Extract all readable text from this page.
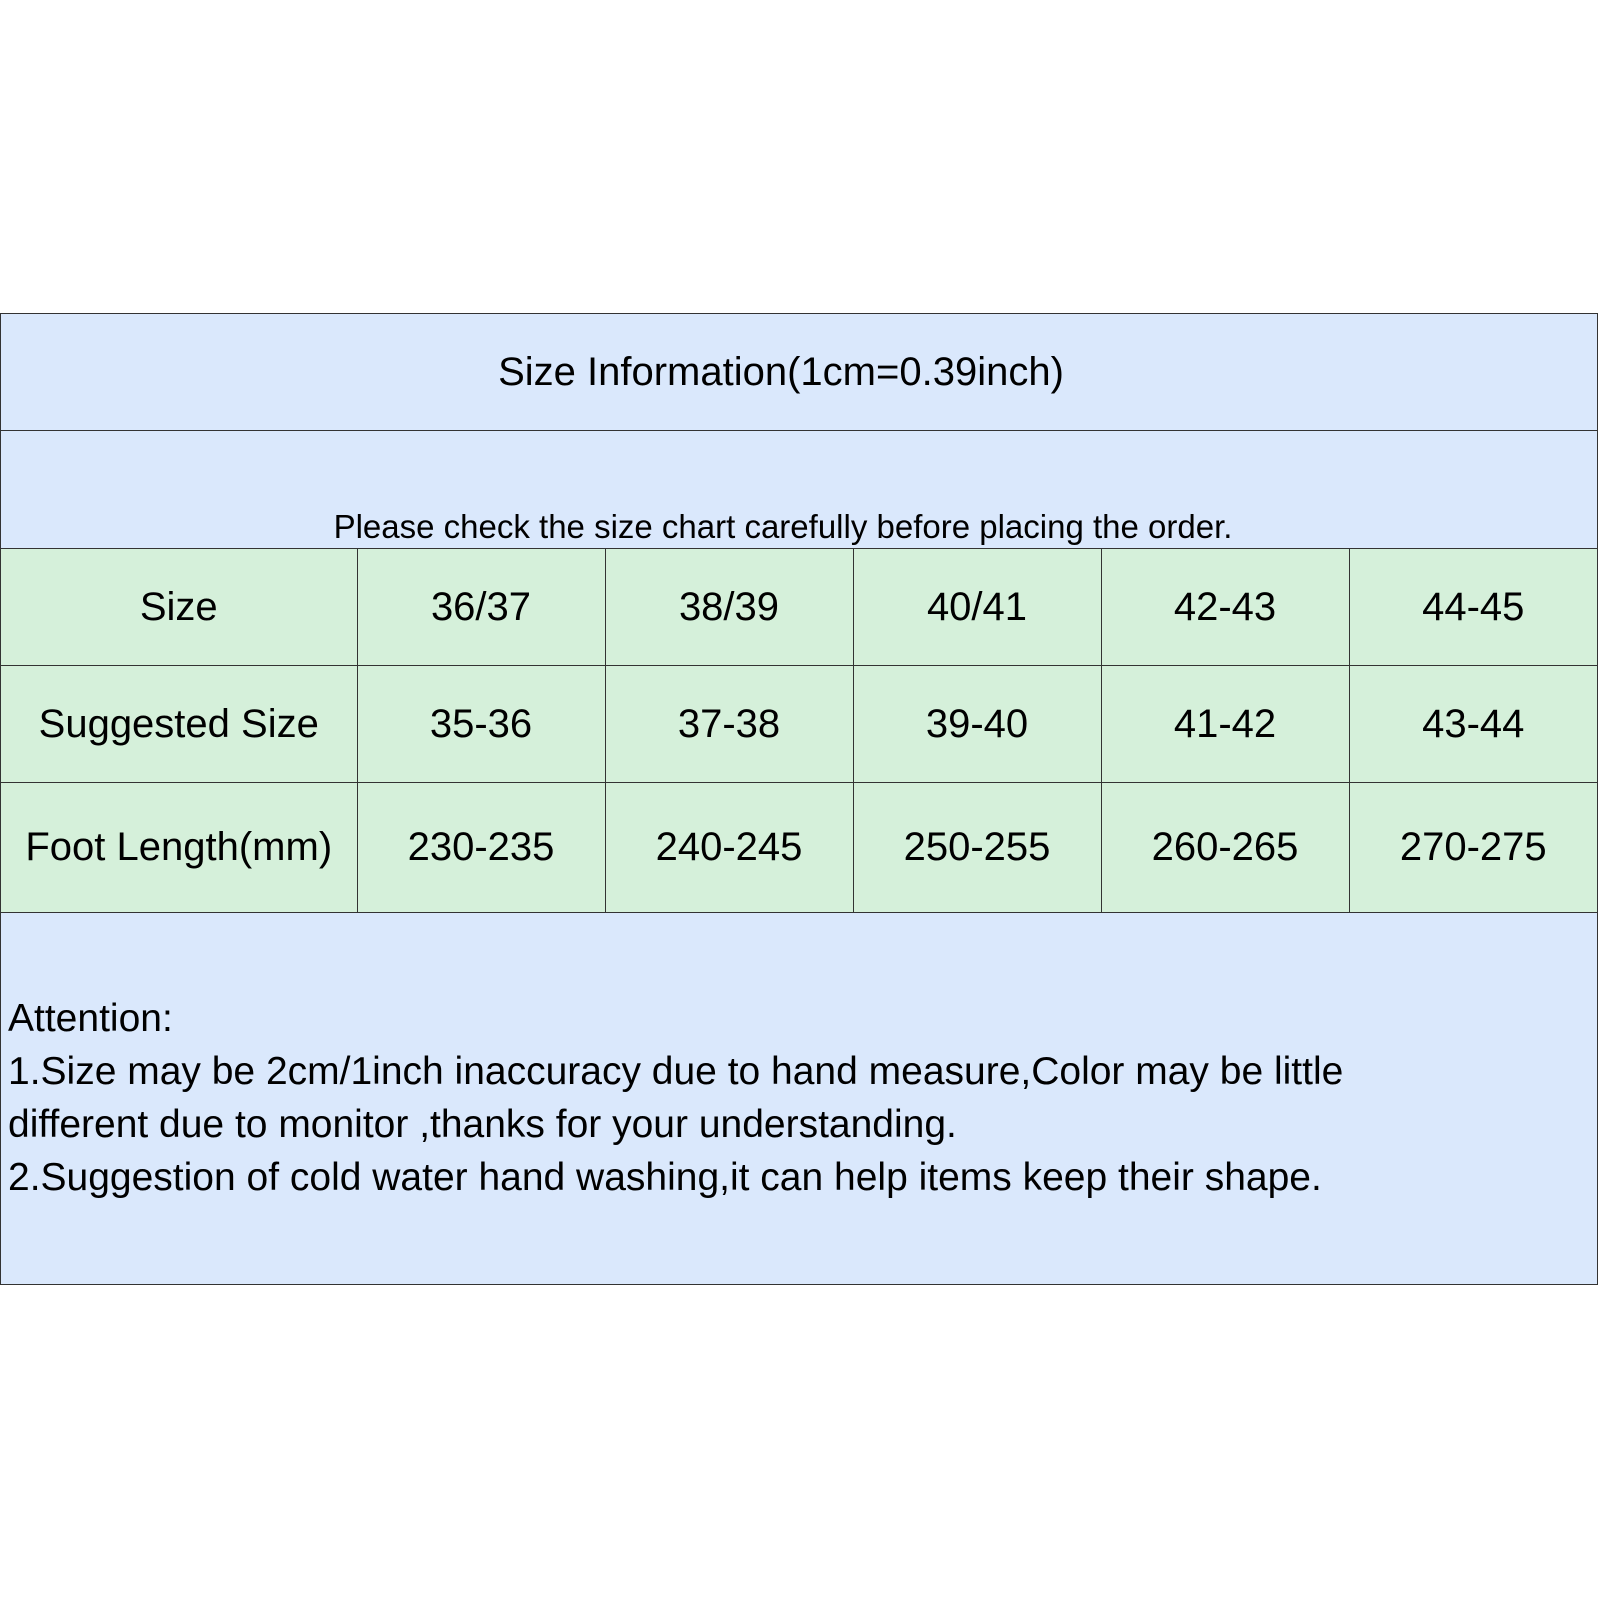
Size Information(1cm=0.39inch)
Please check the size chart carefully before placing the order.
Size	36/37	38/39	40/41	42-43	44-45
Suggested Size	35-36	37-38	39-40	41-42	43-44
Foot Length(mm)	230-235	240-245	250-255	260-265	270-275
Attention:
1.Size may be 2cm/1inch inaccuracy due to hand measure,Color may be little
different due to monitor ,thanks for your understanding.
2.Suggestion of cold water hand washing,it can help items keep their shape.
